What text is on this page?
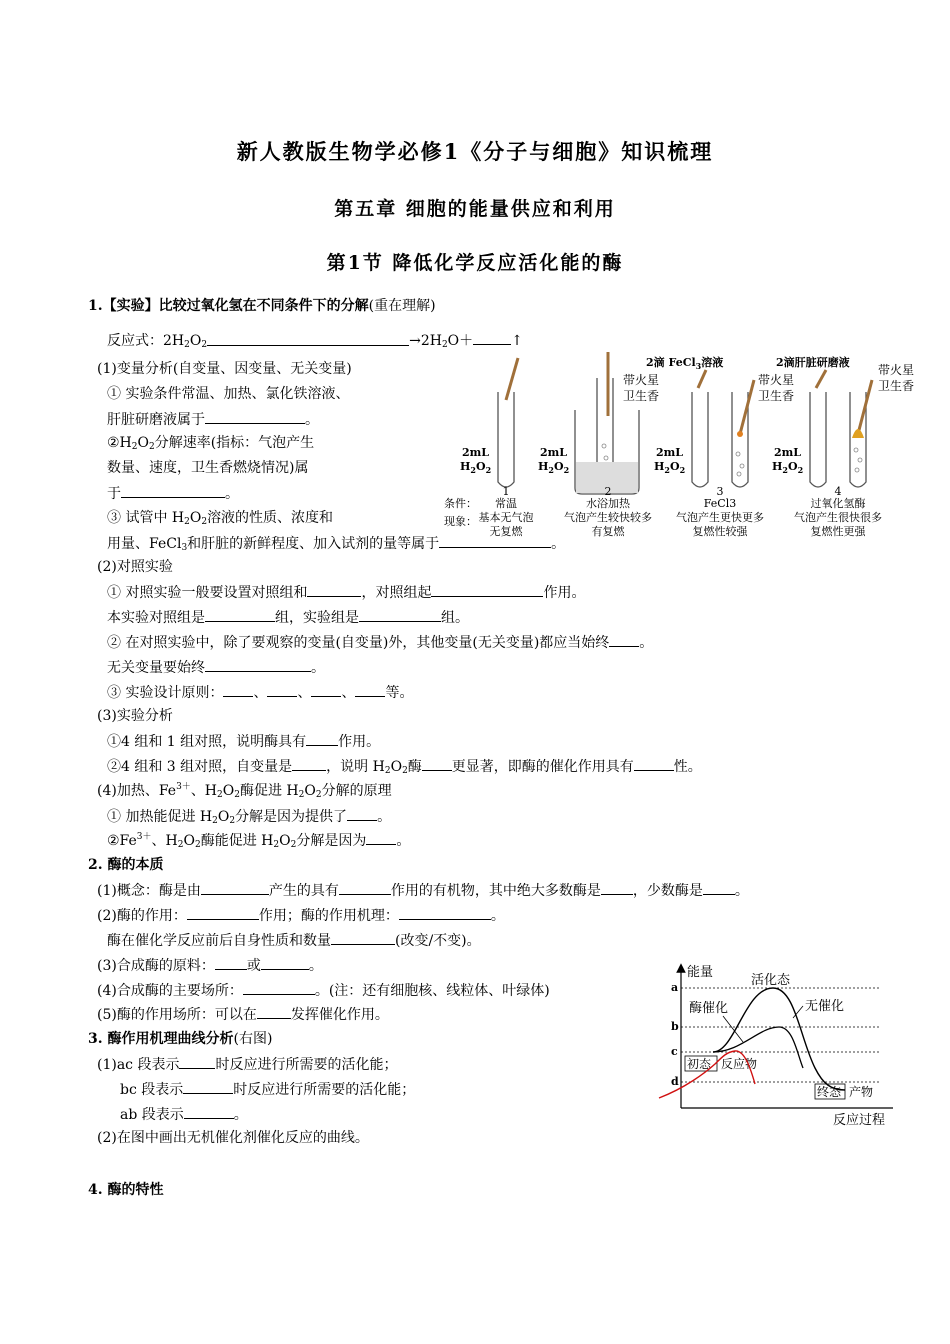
新人教版生物学必修1《分子与细胞》知识梳理
第五章 细胞的能量供应和利用
第1节 降低化学反应活化能的酶
1.【实验】比较过氧化氢在不同条件下的分解(重在理解)
反应式：$2H_2O_2$	$\to 2H_2O+$	↑
(1)变量分析(自变量、因变量、无关变量)
① 实验条件常温、加热、氯化铁溶液、
肝脏研磨液属于	。
$②H_2O_2$分解速率(指标：气泡产生
数量、速度，卫生香燃烧情况)属
于	。
③ 试管中 $H_2O_2$溶液的性质、浓度和
用量、FeCl$_3$和肝脏的新鲜程度、加入试剂的量等属于	。
2滴 FeCl$_3$溶液	2滴肝脏研磨液
带火星
卫生香
带火星
卫生香
带火星
卫生香
2mL
$H_2O_2$
2mL
$H_2O_2$
2mL
$H_2O_2$
2mL
$H_2O_2$
条件：
现象：
1
常温
基本无气泡
无复燃
2
水浴加热
气泡产生较快较多
有复燃
3
FeCl3
气泡产生更快更多
复燃性较强
4
过氧化氢酶
气泡产生很快很多
复燃性更强
(2)对照实验
① 对照实验一般要设置对照组和	，对照组起	作用。
本实验对照组是	组，实验组是	组。
② 在对照实验中，除了要观察的变量(自变量)外，其他变量(无关变量)都应当始终 。
无关变量要始终	。
③ 实验设计原则： 、 、 、 等。
(3)实验分析
①4 组和 1 组对照，说明酶具有 作用。
②4 组和 3 组对照，自变量是 ，说明 $H_2O_2$酶 更显著，即酶的催化作用具有	性。
(4)加热、$Fe^{3+}$、$H_2O_2$酶促进 $H_2O_2$分解的原理
① 加热能促进 $H_2O_2$分解是因为提供了 。
$②Fe^{3+}$、$H_2O_2$酶能促进 $H_2O_2$分解是因为 。
2. 酶的本质
(1)概念：酶是由	产生的具有	作用的有机物，其中绝大多数酶是 ，少数酶是 。
(2)酶的作用：	作用；酶的作用机理：	。
酶在催化学反应前后自身性质和数量	(改变/不变)。
(3)合成酶的原料： 或	。
(4)合成酶的主要场所：	。(注：还有细胞核、线粒体、叶绿体)
(5)酶的作用场所：可以在 发挥催化作用。
3. 酶作用机理曲线分析(右图)
(1)ac 段表示	时反应进行所需要的活化能；
bc 段表示	时反应进行所需要的活化能；
ab 段表示	。
(2)在图中画出无机催化剂催化反应的曲线。
4. 酶的特性
a
b
c
d
能量
反应过程
活化态
酶催化	无催化
初态 反应物
终态 产物
